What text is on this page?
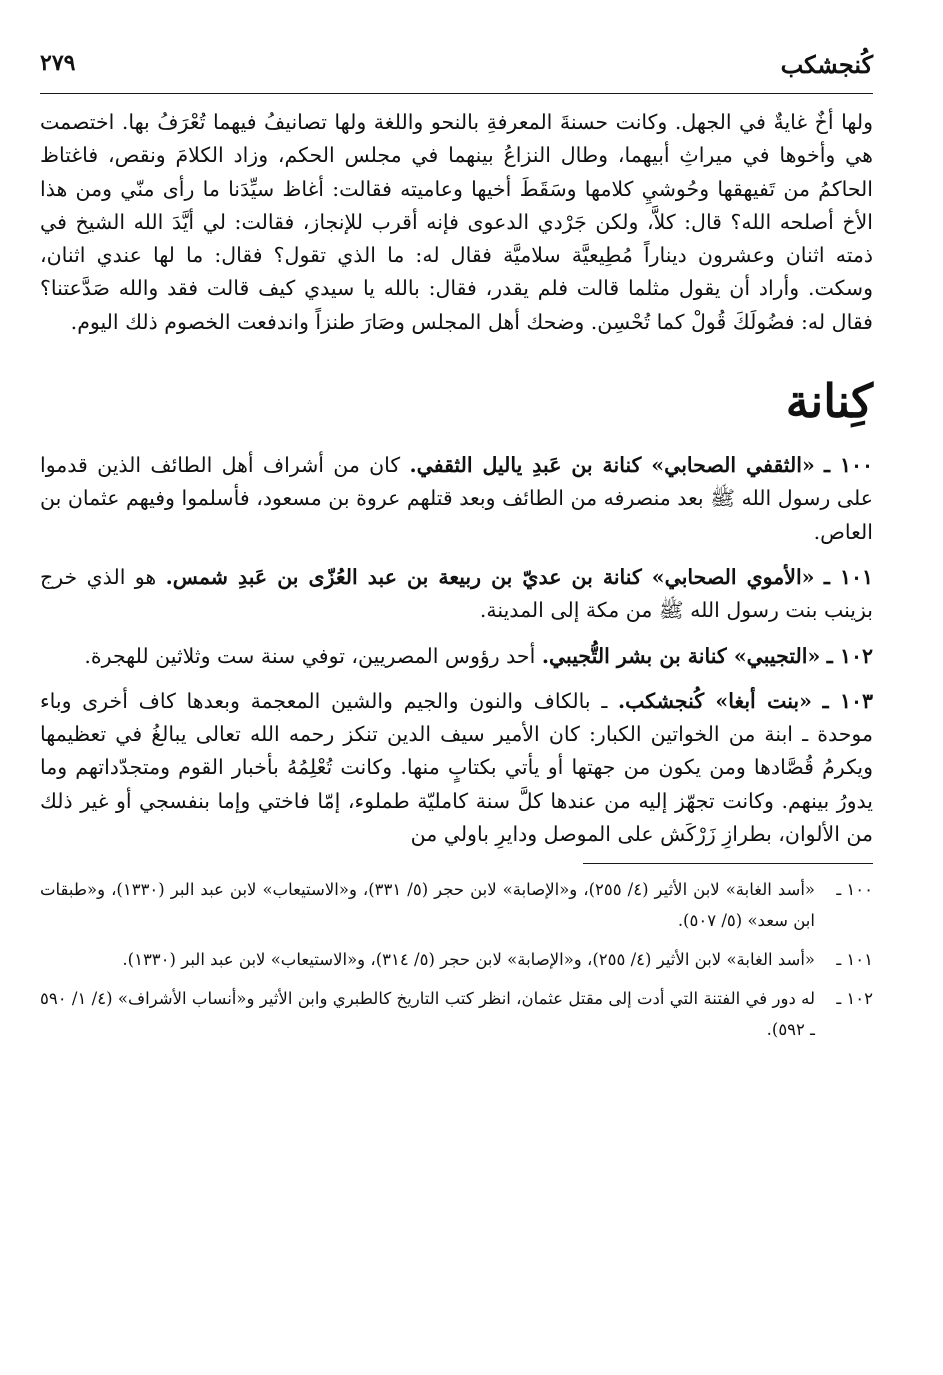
كُنجشكب
٢٧٩

ولها أخٌ غايةٌ في الجهل. وكانت حسنةَ المعرفةِ بالنحو واللغة ولها تصانيفُ فيهما تُعْرَفُ بها. اختصمت هي وأخوها في ميراثِ أبيهما، وطال النزاعُ بينهما في مجلس الحكم، وزاد الكلامَ ونقص، فاغتاظ الحاكمُ من تَفيهقها وحُوشيِ كلامها وسَقَطَ أخيها وعاميته فقالت: أغاظ سيِّدَنا ما رأى منّي ومن هذا الأخ أصلحه الله؟ قال: كلاَّ، ولكن جَرْدي الدعوى فإنه أقرب للإنجاز، فقالت: لي أيَّدَ الله الشيخ في ذمته اثنان وعشرون ديناراً مُطِيعيَّة سلاميَّة فقال له: ما الذي تقول؟ فقال: ما لها عندي اثنان، وسكت. وأراد أن يقول مثلما قالت فلم يقدر، فقال: بالله يا سيدي كيف قالت فقد والله صَدَّعتنا؟ فقال له: فضُولَكَ قُولْ كما تُحْسِن. وضحك أهل المجلس وصَارَ طنزاً واندفعت الخصوم ذلك اليوم.

كِنانة

١٠٠ ـ «الثقفي الصحابي» كنانة بن عَبدِ ياليل الثقفي. كان من أشراف أهل الطائف الذين قدموا على رسول الله ﷺ بعد منصرفه من الطائف وبعد قتلهم عروة بن مسعود، فأسلموا وفيهم عثمان بن العاص.

١٠١ ـ «الأموي الصحابي» كنانة بن عديّ بن ربيعة بن عبد العُزّى بن عَبدِ شمس. هو الذي خرج بزينب بنت رسول الله ﷺ من مكة إلى المدينة.

١٠٢ ـ «التجيبي» كنانة بن بشر التُّجيبي. أحد رؤوس المصريين، توفي سنة ست وثلاثين للهجرة.

١٠٣ ـ «بنت أبغا» كُنجشكب. ـ بالكاف والنون والجيم والشين المعجمة وبعدها كاف أخرى وباء موحدة ـ ابنة من الخواتين الكبار: كان الأمير سيف الدين تنكز رحمه الله تعالى يبالغُ في تعظيمها ويكرمُ قُصَّادها ومن يكون من جهتها أو يأتي بكتابٍ منها. وكانت تُعْلِمُهُ بأخبار القوم ومتجدّداتهم وما يدورُ بينهم. وكانت تجهّز إليه من عندها كلَّ سنة كامليّة طملوء، إمّا فاختي وإما بنفسجي أو غير ذلك من الألوان، بطرازِ زَرْكَش على الموصل ودايرِ باولي من

١٠٠ ـ
«أسد الغابة» لابن الأثير (٤/ ٢٥٥)، و«الإصابة» لابن حجر (٥/ ٣٣١)، و«الاستيعاب» لابن عبد البر (١٣٣٠)، و«طبقات ابن سعد» (٥/ ٥٠٧).
١٠١ ـ
«أسد الغابة» لابن الأثير (٤/ ٢٥٥)، و«الإصابة» لابن حجر (٥/ ٣١٤)، و«الاستيعاب» لابن عبد البر (١٣٣٠).
١٠٢ ـ
له دور في الفتنة التي أدت إلى مقتل عثمان، انظر كتب التاريخ كالطبري وابن الأثير و«أنساب الأشراف» (٤/ ١/ ٥٩٠ ـ ٥٩٢).
